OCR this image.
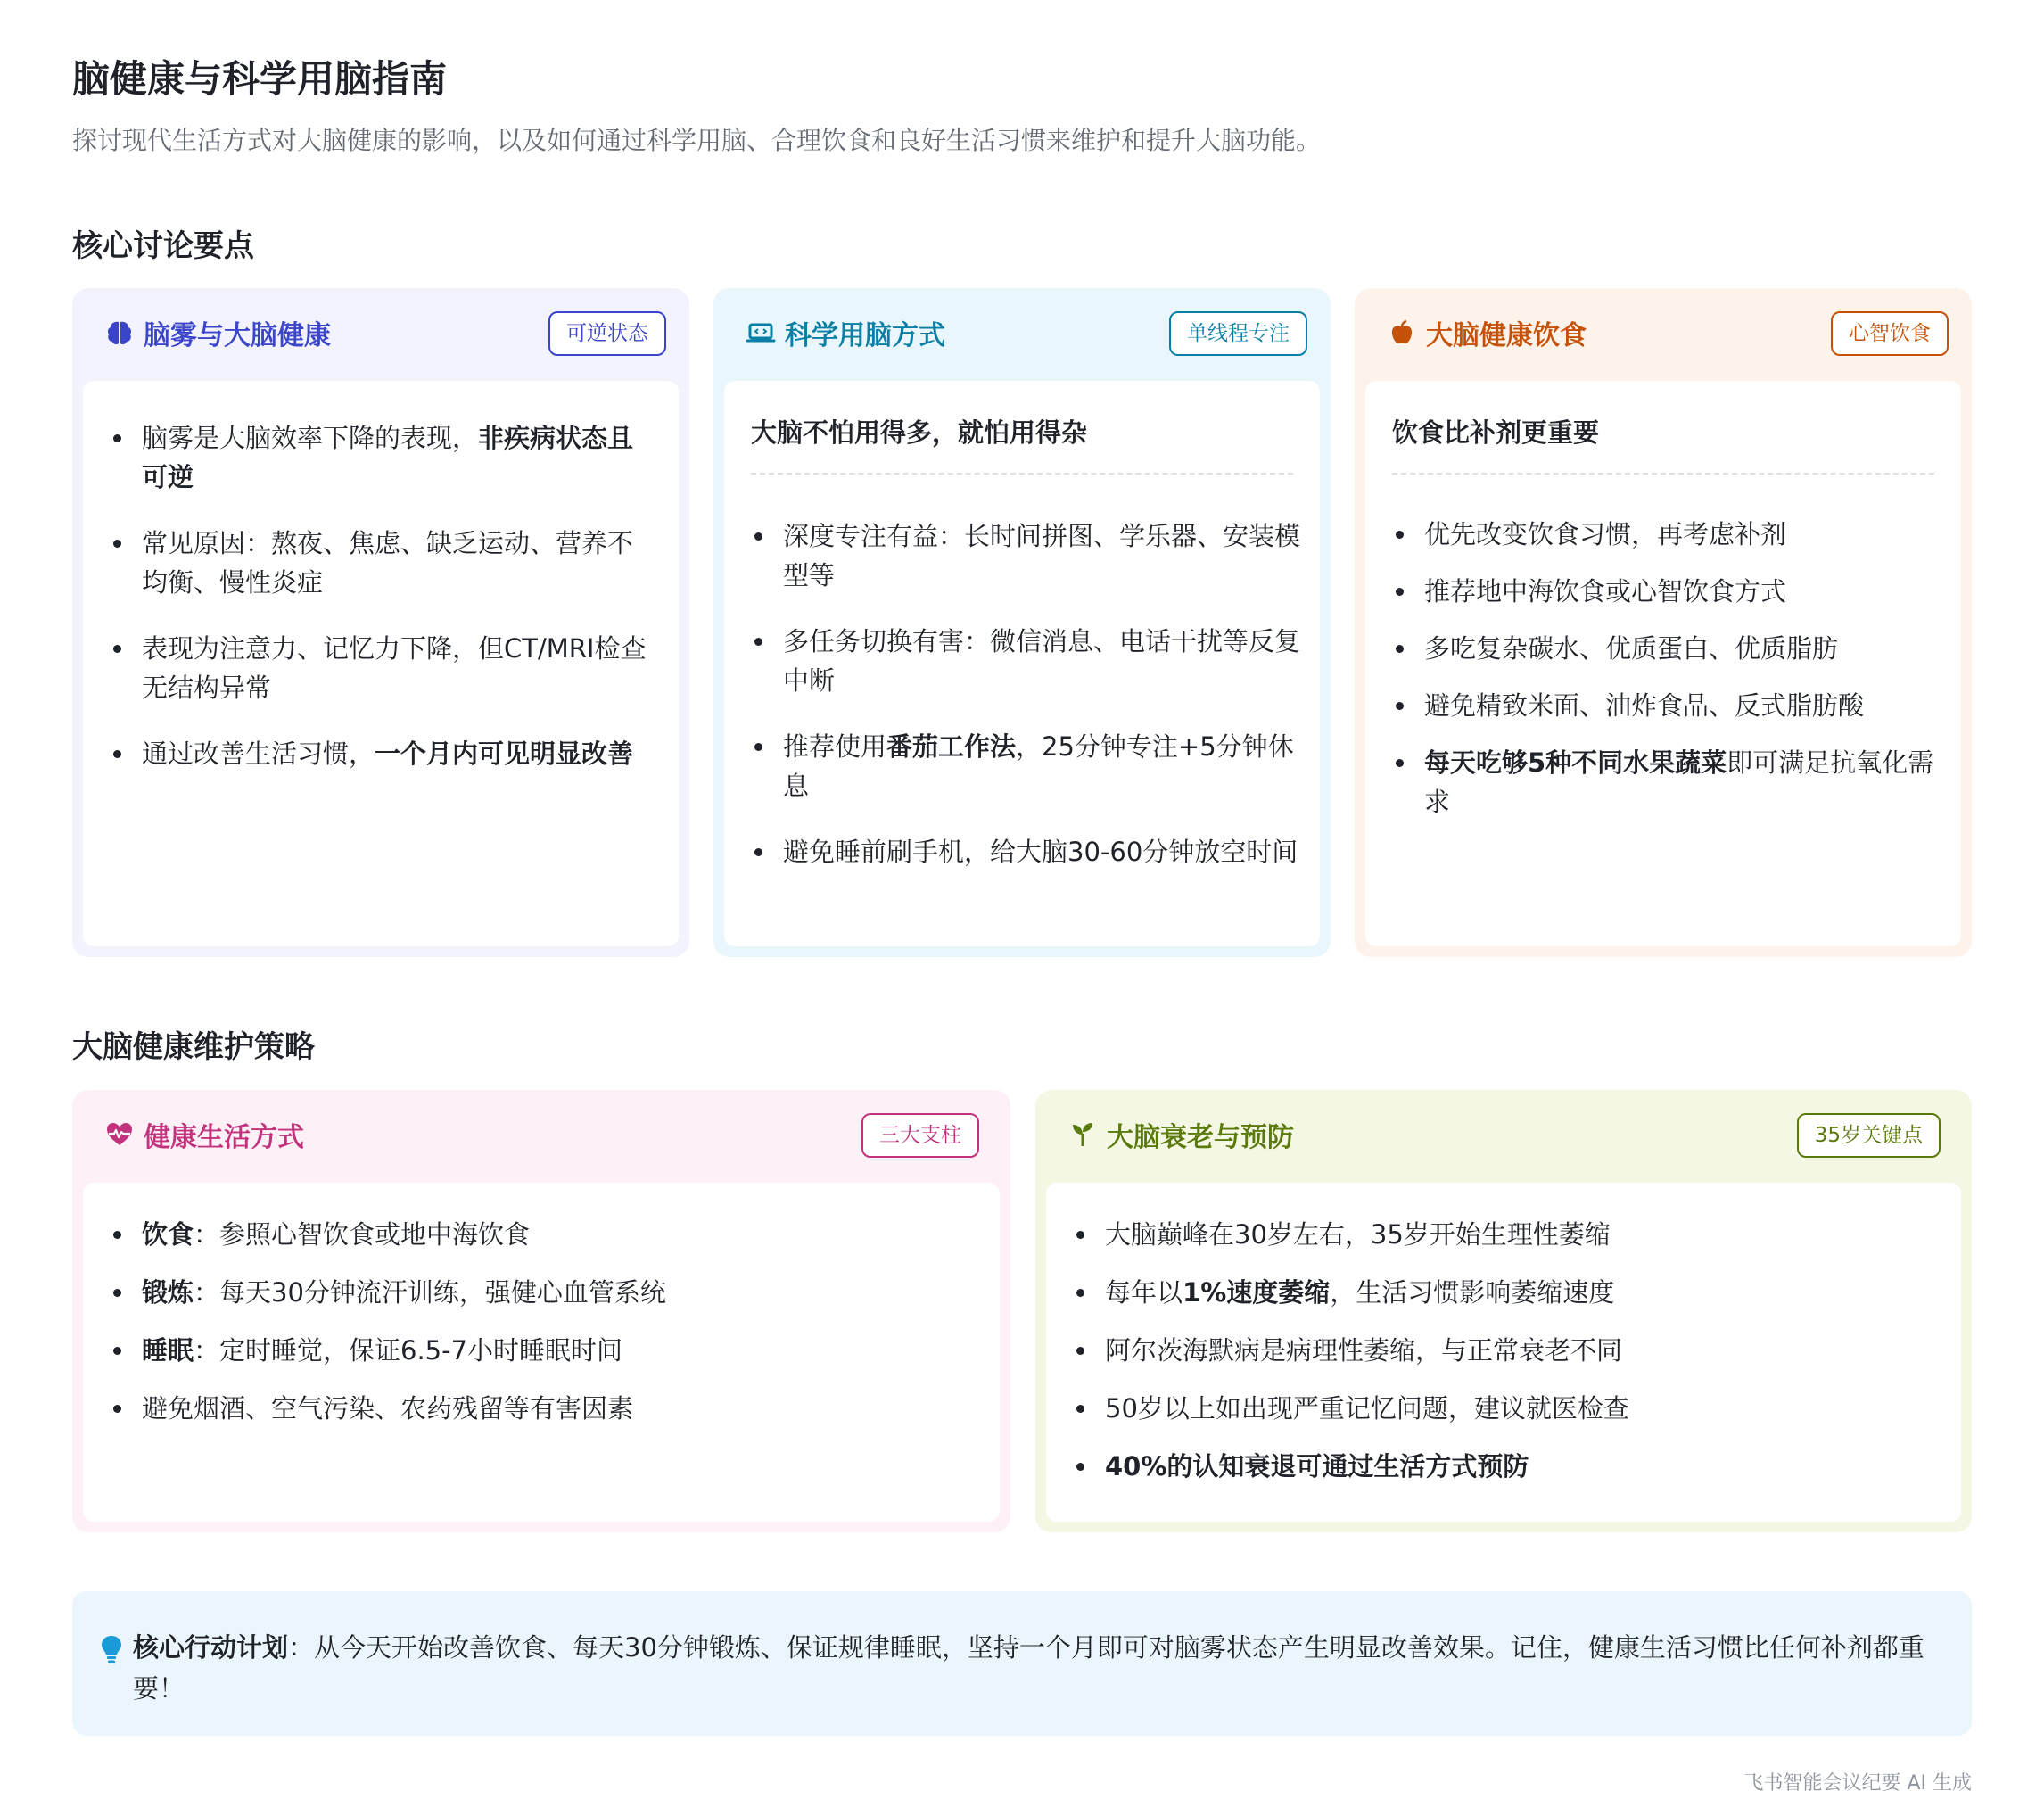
脑健康与科学用脑指南
探讨现代生活方式对大脑健康的影响，以及如何通过科学用脑、合理饮食和良好生活习惯来维护和提升大脑功能。
核心讨论要点
脑雾与大脑健康	可逆状态
脑雾是大脑效率下降的表现，非疾病状态且可逆
常见原因：熬夜、焦虑、缺乏运动、营养不均衡、慢性炎症
表现为注意力、记忆力下降，但CT/MRI检查无结构异常
通过改善生活习惯，一个月内可见明显改善
科学用脑方式	单线程专注
大脑不怕用得多，就怕用得杂
深度专注有益：长时间拼图、学乐器、安装模型等
多任务切换有害：微信消息、电话干扰等反复中断
推荐使用番茄工作法，25分钟专注+5分钟休息
避免睡前刷手机，给大脑30-60分钟放空时间
大脑健康饮食	心智饮食
饮食比补剂更重要
优先改变饮食习惯，再考虑补剂
推荐地中海饮食或心智饮食方式
多吃复杂碳水、优质蛋白、优质脂肪
避免精致米面、油炸食品、反式脂肪酸
每天吃够5种不同水果蔬菜即可满足抗氧化需求
大脑健康维护策略
健康生活方式	三大支柱
饮食：参照心智饮食或地中海饮食
锻炼：每天30分钟流汗训练，强健心血管系统
睡眠：定时睡觉，保证6.5-7小时睡眠时间
避免烟酒、空气污染、农药残留等有害因素
大脑衰老与预防	35岁关键点
大脑巅峰在30岁左右，35岁开始生理性萎缩
每年以1%速度萎缩，生活习惯影响萎缩速度
阿尔茨海默病是病理性萎缩，与正常衰老不同
50岁以上如出现严重记忆问题，建议就医检查
40%的认知衰退可通过生活方式预防
核心行动计划：从今天开始改善饮食、每天30分钟锻炼、保证规律睡眠，坚持一个月即可对脑雾状态产生明显改善效果。记住，健康生活习惯比任何补剂都重要！
飞书智能会议纪要 AI 生成
